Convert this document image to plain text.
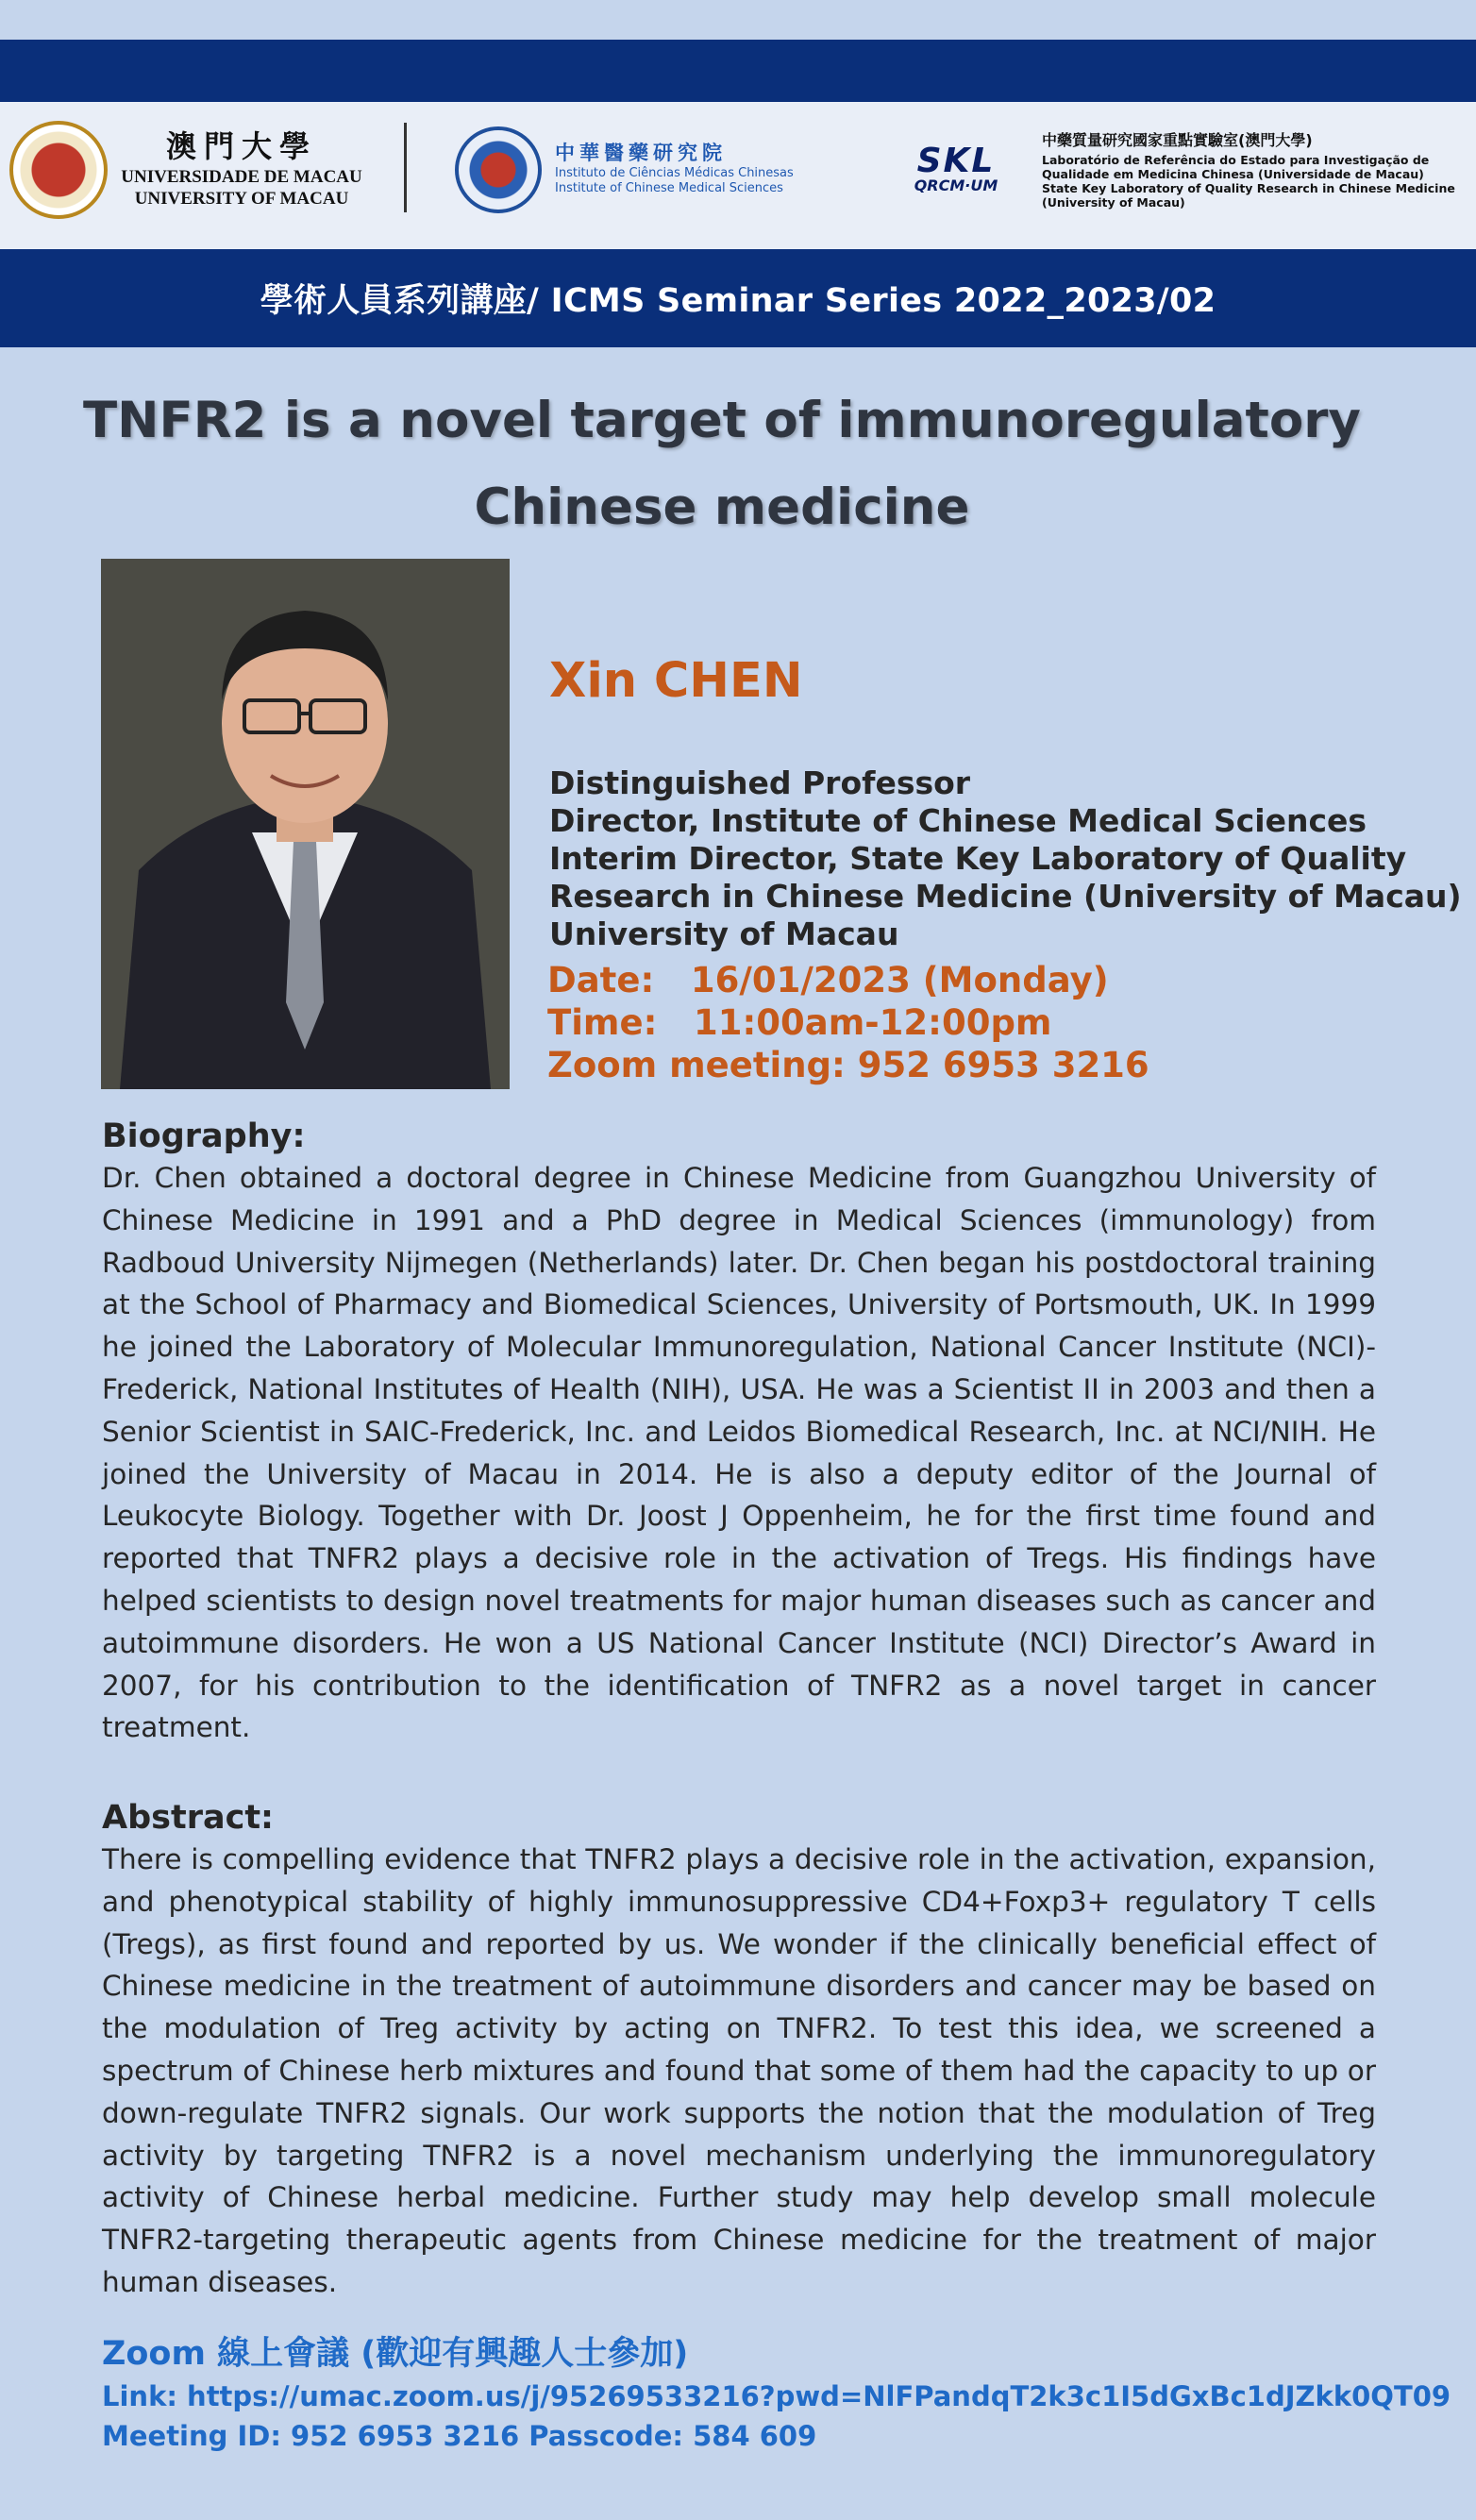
澳門大學
UNIVERSIDADE DE MACAU
UNIVERSITY OF MACAU
中華醫藥研究院
Instituto de Ciências Médicas Chinesas
Institute of Chinese Medical Sciences
SKL
QRCM·UM
中藥質量研究國家重點實驗室(澳門大學)
Laboratório de Referência do Estado para Investigação de
Qualidade em Medicina Chinesa (Universidade de Macau)
State Key Laboratory of Quality Research in Chinese Medicine
(University of Macau)
學術人員系列講座/ ICMS Seminar Series 2022_2023/02
TNFR2 is a novel target of immunoregulatory
Chinese medicine
Xin CHEN
Distinguished Professor
Director, Institute of Chinese Medical Sciences
Interim Director, State Key Laboratory of Quality
Research in Chinese Medicine (University of Macau)
University of Macau
Date:   16/01/2023 (Monday)
Time:   11:00am-12:00pm
Zoom meeting: 952 6953 3216
Biography:
Dr. Chen obtained a doctoral degree in Chinese Medicine from Guangzhou University of Chinese Medicine in 1991 and a PhD degree in Medical Sciences (immunology) from Radboud University Nijmegen (Netherlands) later. Dr. Chen began his postdoctoral training at the School of Pharmacy and Biomedical Sciences, University of Portsmouth, UK. In 1999 he joined the Laboratory of Molecular Immunoregulation, National Cancer Institute (NCI)-Frederick, National Institutes of Health (NIH), USA. He was a Scientist II in 2003 and then a Senior Scientist in SAIC-Frederick, Inc. and Leidos Biomedical Research, Inc. at NCI/NIH. He joined the University of Macau in 2014. He is also a deputy editor of the Journal of Leukocyte Biology. Together with Dr. Joost J Oppenheim, he for the first time found and reported that TNFR2 plays a decisive role in the activation of Tregs. His findings have helped scientists to design novel treatments for major human diseases such as cancer and autoimmune disorders. He won a US National Cancer Institute (NCI) Director’s Award in 2007, for his contribution to the identification of TNFR2 as a novel target in cancer treatment.
Abstract:
There is compelling evidence that TNFR2 plays a decisive role in the activation, expansion, and phenotypical stability of highly immunosuppressive CD4+Foxp3+ regulatory T cells (Tregs), as first found and reported by us. We wonder if the clinically beneficial effect of Chinese medicine in the treatment of autoimmune disorders and cancer may be based on the modulation of Treg activity by acting on TNFR2. To test this idea, we screened a spectrum of Chinese herb mixtures and found that some of them had the capacity to up or down-regulate TNFR2 signals. Our work supports the notion that the modulation of Treg activity by targeting TNFR2 is a novel mechanism underlying the immunoregulatory activity of Chinese herbal medicine. Further study may help develop small molecule TNFR2-targeting therapeutic agents from Chinese medicine for the treatment of major human diseases.
Zoom 線上會議 (歡迎有興趣人士參加)
Link: https://umac.zoom.us/j/95269533216?pwd=NlFPandqT2k3c1I5dGxBc1dJZkk0QT09
Meeting ID: 952 6953 3216 Passcode: 584 609
